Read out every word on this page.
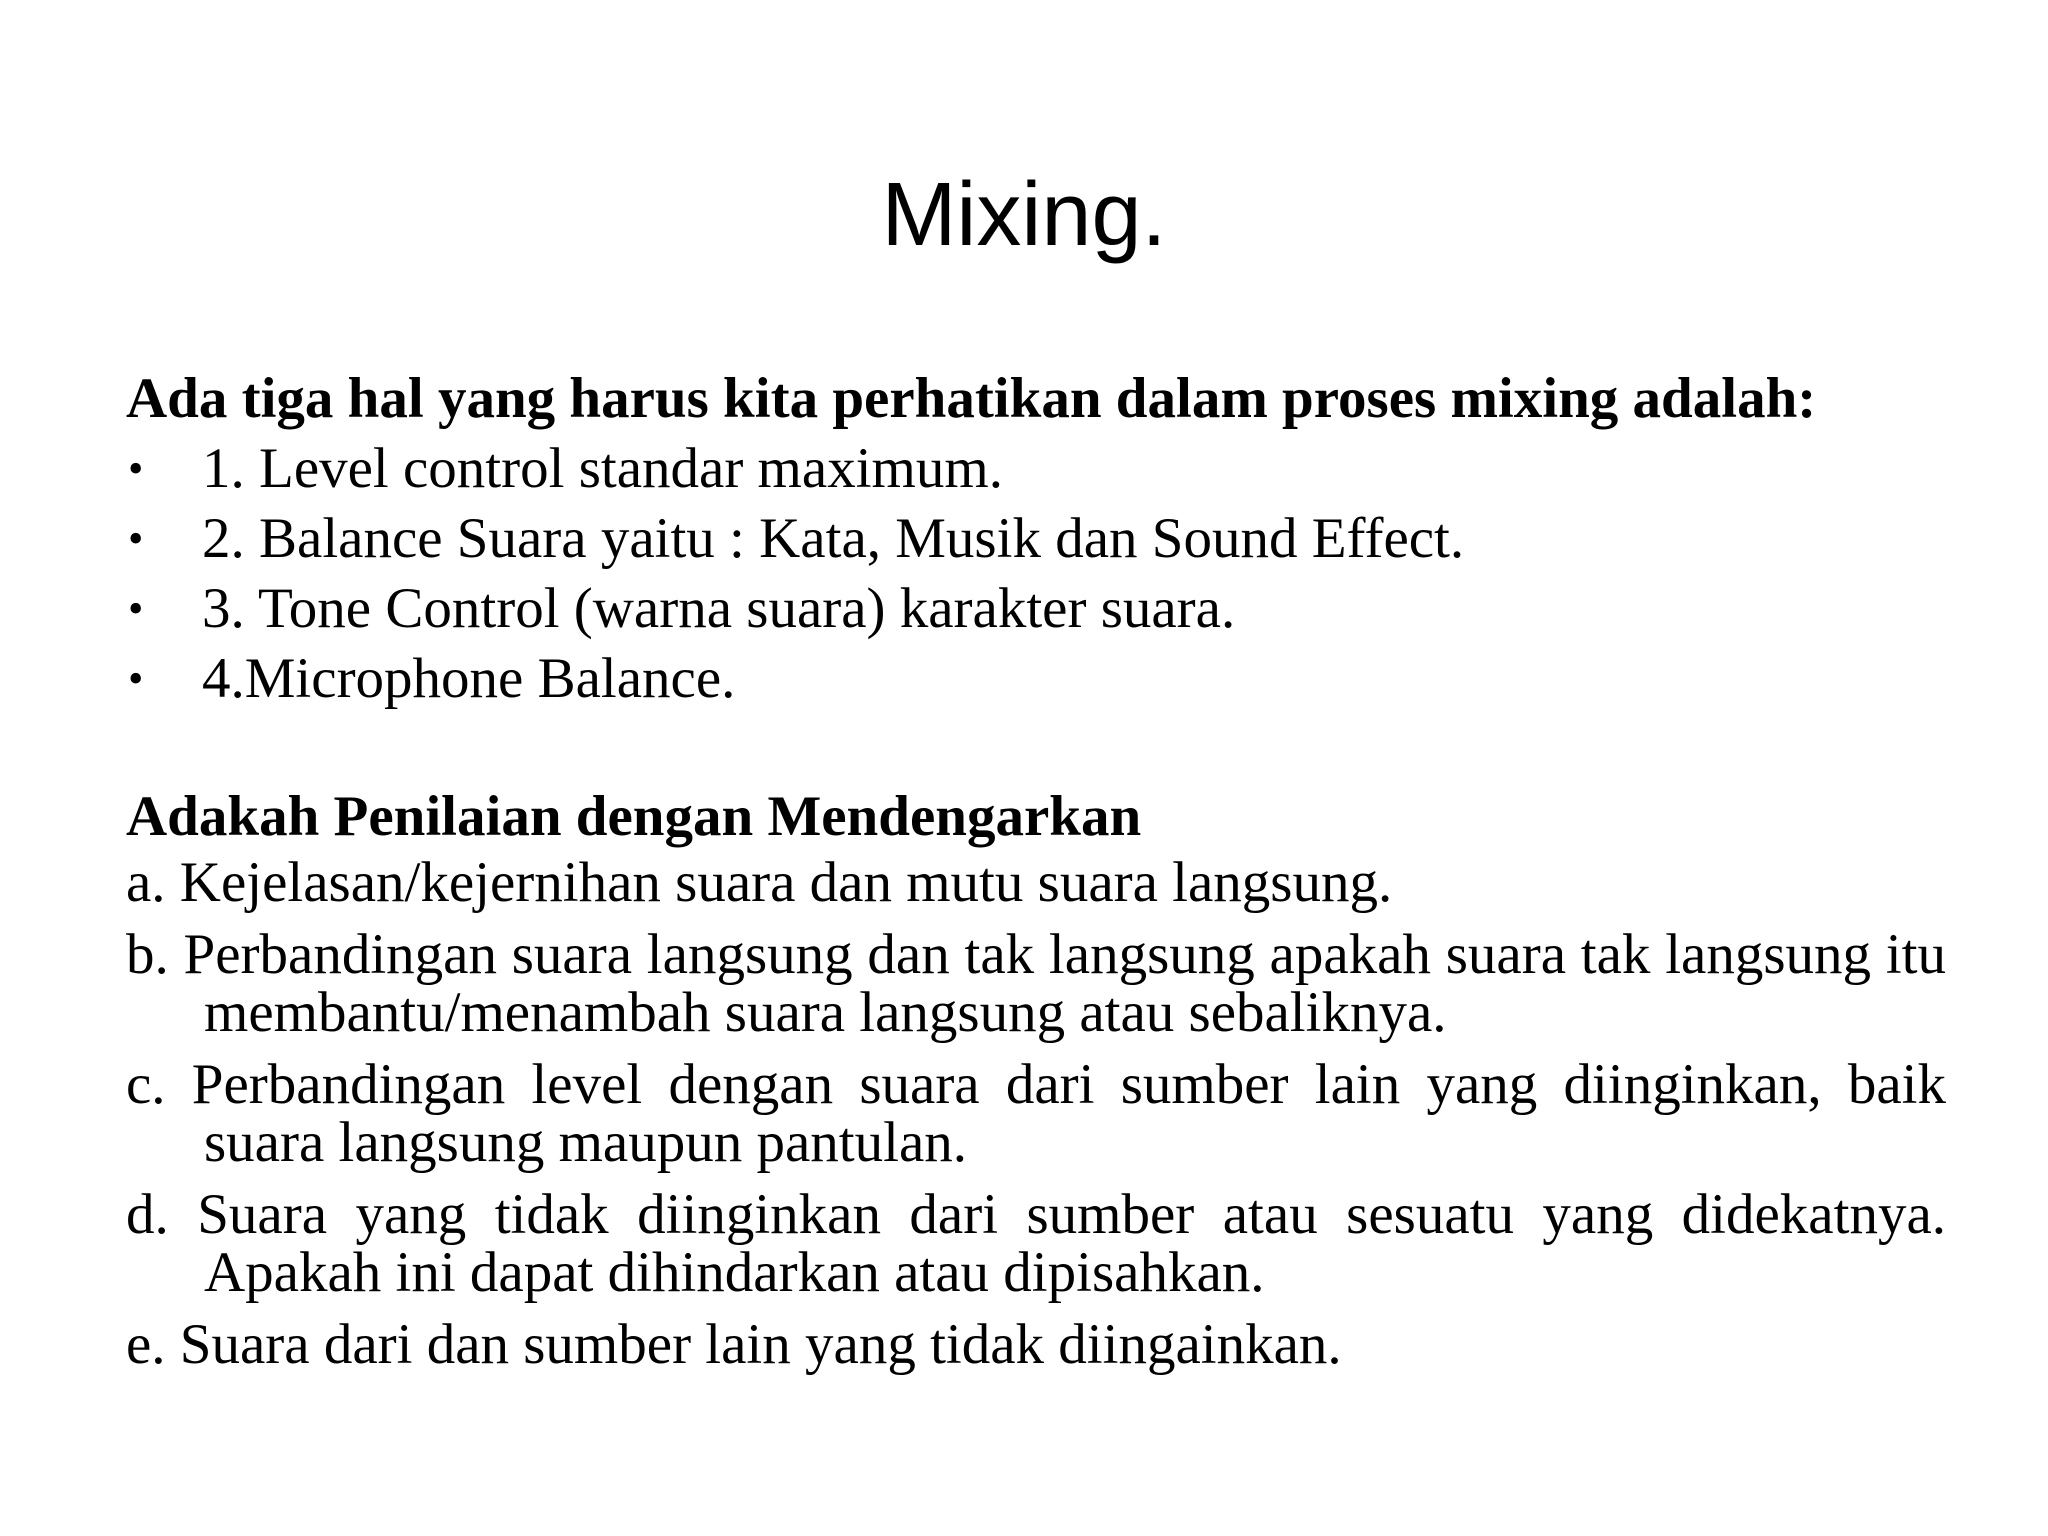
Mixing.

Ada tiga hal yang harus kita perhatikan dalam proses mixing adalah:

• 1. Level control standar maximum.
• 2. Balance Suara yaitu : Kata, Musik dan Sound Effect.
• 3. Tone Control (warna suara) karakter suara.
• 4.Microphone Balance.

Adakah Penilaian dengan Mendengarkan

a. Kejelasan/kejernihan suara dan mutu suara langsung.
b. Perbandingan suara langsung dan tak langsung apakah suara tak langsung itu membantu/menambah suara langsung atau sebaliknya.
c. Perbandingan level dengan suara dari sumber lain yang diinginkan, baik suara langsung maupun pantulan.
d. Suara yang tidak diinginkan dari sumber atau sesuatu yang didekatnya. Apakah ini dapat dihindarkan atau dipisahkan.
e. Suara dari dan sumber lain yang tidak diingainkan.
